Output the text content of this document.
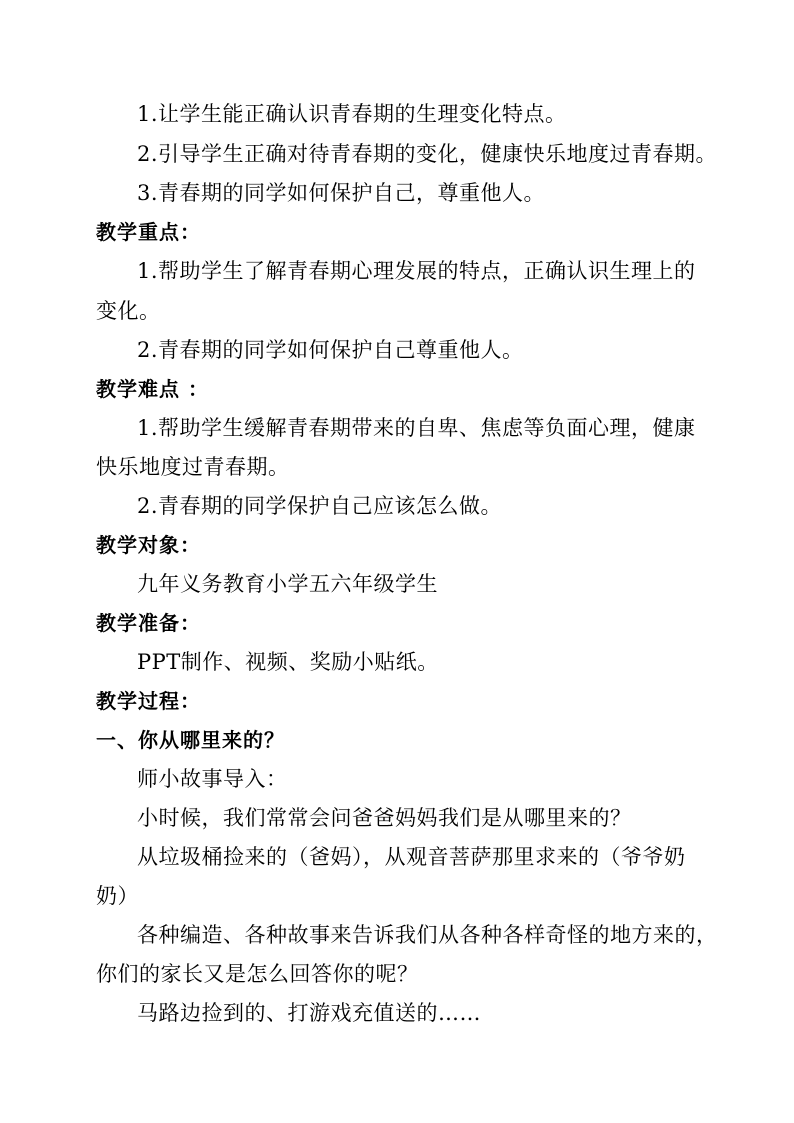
1.让学生能正确认识青春期的生理变化特点。
2.引导学生正确对待青春期的变化，健康快乐地度过青春期。
3.青春期的同学如何保护自己，尊重他人。
教学重点：
1.帮助学生了解青春期心理发展的特点，正确认识生理上的
变化。
2.青春期的同学如何保护自己尊重他人。
教学难点 ：
1.帮助学生缓解青春期带来的自卑、焦虑等负面心理，健康
快乐地度过青春期。
2.青春期的同学保护自己应该怎么做。
教学对象：
九年义务教育小学五六年级学生
教学准备：
PPT制作、视频、奖励小贴纸。
教学过程：
一、你从哪里来的？
师小故事导入：
小时候，我们常常会问爸爸妈妈我们是从哪里来的？
从垃圾桶捡来的（爸妈），从观音菩萨那里求来的（爷爷奶
奶）
各种编造、各种故事来告诉我们从各种各样奇怪的地方来的，
你们的家长又是怎么回答你的呢？
马路边捡到的、打游戏充值送的……
